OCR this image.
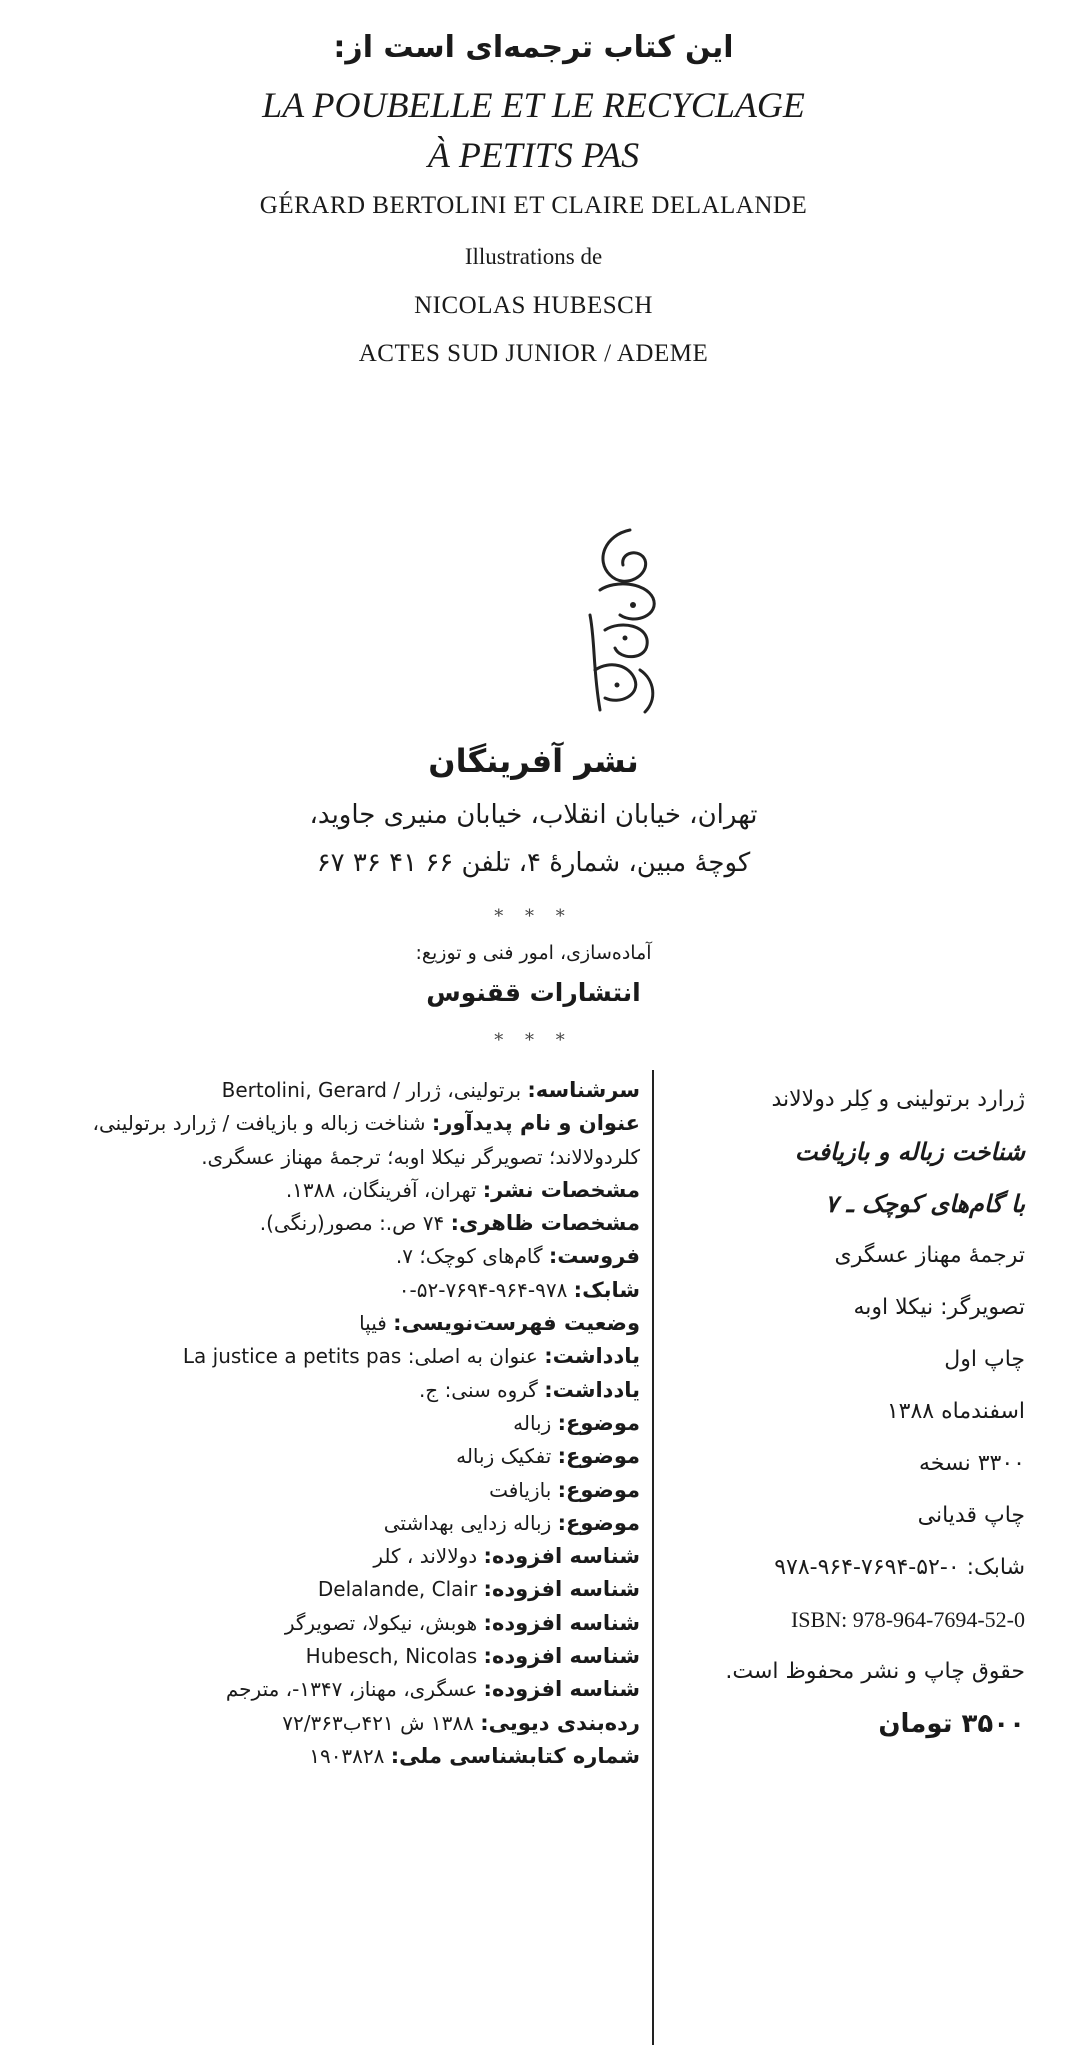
این کتاب ترجمه‌ای است از:
LA POUBELLE ET LE RECYCLAGE
À PETITS PAS
GÉRARD BERTOLINI ET CLAIRE DELALANDE
Illustrations de
NICOLAS HUBESCH
ACTES SUD JUNIOR / ADEME
نشر آفرینگان
تهران، خیابان انقلاب، خیابان منیری جاوید،
کوچهٔ مبین، شمارهٔ ۴، تلفن ۶۶ ۴۱ ۳۶ ۶۷
* * *
آماده‌سازی، امور فنی و توزیع:
انتشارات ققنوس
* * *
ژرارد برتولینی و کِلر دولالاند
شناخت زباله و بازیافت
با گام‌های کوچک ـ ۷
ترجمهٔ مهناز عسگری
تصویرگر: نیکلا اوبه
چاپ اول
اسفندماه ۱۳۸۸
۳۳۰۰ نسخه
چاپ قدیانی
شابک: ۰-۵۲-۷۶۹۴-۹۶۴-۹۷۸
ISBN: 978-964-7694-52-0
حقوق چاپ و نشر محفوظ است.
۳۵۰۰ تومان
سرشناسه: برتولینی، ژرار / Bertolini, Gerard
عنوان و نام پدیدآور: شناخت زباله و بازیافت / ژرارد برتولینی،
کلردولالاند؛ تصویرگر نیکلا اوبه؛ ترجمهٔ مهناز عسگری.
مشخصات نشر: تهران، آفرینگان، ۱۳۸۸.
مشخصات ظاهری: ۷۴ ص.: مصور(رنگی).
فروست: گام‌های کوچک؛ ۷.
شابک: ۹۷۸-۹۶۴-۷۶۹۴-۵۲-۰
وضعیت فهرست‌نویسی: فیپا
یادداشت: عنوان به اصلی: La justice a petits pas
یادداشت: گروه سنی: ج.
موضوع: زباله
موضوع: تفکیک زباله
موضوع: بازیافت
موضوع: زباله زدایی بهداشتی
شناسه افزوده: دولالاند ، کلر
شناسه افزوده: Delalande, Clair
شناسه افزوده: هوبش، نیکولا، تصویرگر
شناسه افزوده: Hubesch, Nicolas
شناسه افزوده: عسگری، مهناز، ۱۳۴۷-، مترجم
رده‌بندی دیویی: ۱۳۸۸ ش ۴۲۱ب۷۲/۳۶۳
شماره کتابشناسی ملی: ۱۹۰۳۸۲۸
